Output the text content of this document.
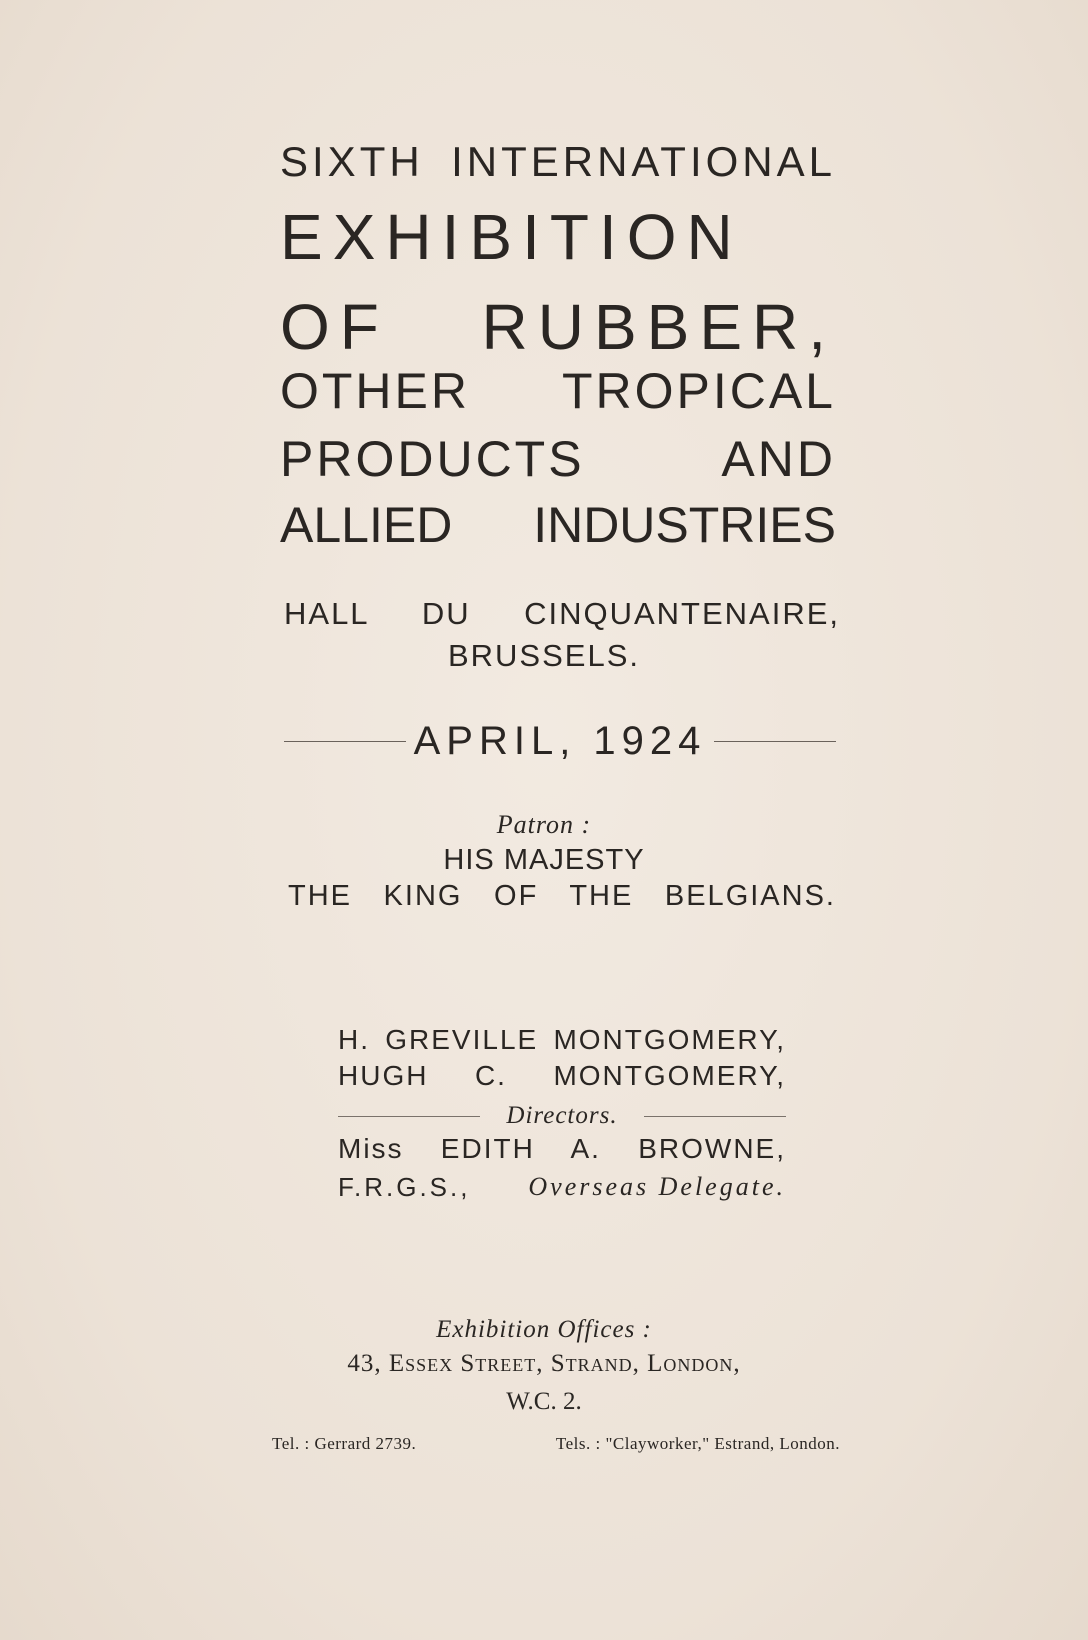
SIXTH INTERNATIONAL

EXHIBITION

OF RUBBER,

OTHER TROPICAL

PRODUCTS AND

ALLIED INDUSTRIES

HALL DU CINQUANTENAIRE,

BRUSSELS.

APRIL, 1924

Patron :

HIS MAJESTY

THE KING OF THE BELGIANS.

H. GREVILLE MONTGOMERY,

HUGH C. MONTGOMERY,

Directors.

Miss EDITH A. BROWNE,

F.R.G.S., Overseas Delegate.

Exhibition Offices :

43, Essex Street, Strand, London,

W.C. 2.

Tel. : Gerrard 2739.	Tels. : "Clayworker," Estrand, London.
